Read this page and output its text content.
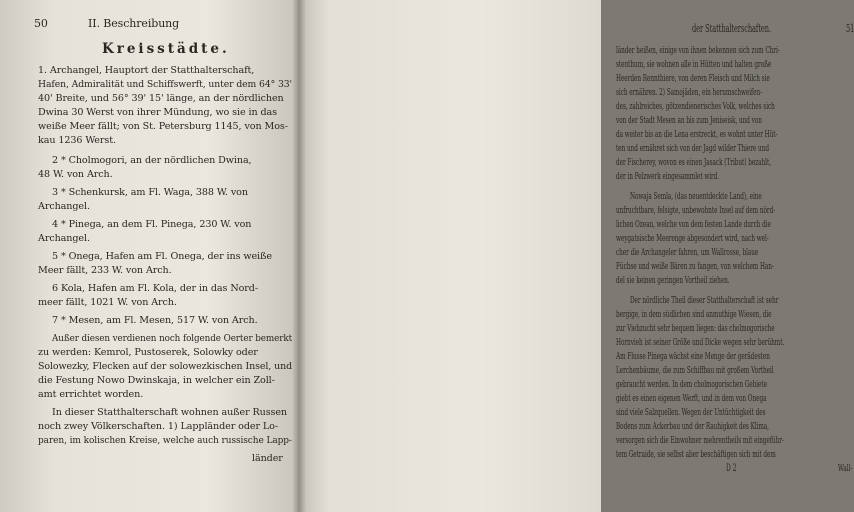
50	II. Beschreibung
Kreisstädte.
1. Archangel, Hauptort der Statthalterschaft,
Hafen, Admiralität und Schiffswerft, unter dem 64° 33'
40' Breite, und 56° 39' 15' länge, an der nördlichen
Dwina 30 Werst von ihrer Mündung, wo sie in das
weiße Meer fällt; von St. Petersburg 1145, von Mos-
kau 1236 Werst.
2 * Cholmogori, an der nördlichen Dwina,
48 W. von Arch.
3 * Schenkursk, am Fl. Waga, 388 W. von
Archangel.
4 * Pinega, an dem Fl. Pinega, 230 W. von
Archangel.
5 * Onega, Hafen am Fl. Onega, der ins weiße
Meer fällt, 233 W. von Arch.
6 Kola, Hafen am Fl. Kola, der in das Nord-
meer fällt, 1021 W. von Arch.
7 * Mesen, am Fl. Mesen, 517 W. von Arch.
Außer diesen verdienen noch folgende Oerter bemerkt
zu werden: Kemrol, Pustoserek, Solowky oder
Solowezky, Flecken auf der solowezkischen Insel, und
die Festung Nowo Dwinskaja, in welcher ein Zoll-
amt errichtet worden.
In dieser Statthalterschaft wohnen außer Russen
noch zwey Völkerschaften. 1) Lappländer oder Lo-
paren, im kolischen Kreise, welche auch russische Lapp-
länder
der Statthalterschaften.	51
länder heißen, einige von ihnen bekennen sich zum Chri-
stenthum, sie wohnen alle in Hütten und halten große
Heerden Rennthiere, von deren Fleisch und Milch sie
sich ernähren. 2) Samojäden, ein herumschweifen-
des, zahlreiches, götzendienerisches Volk, welches sich
von der Stadt Mesen an bis zum Jeniseisk, und von
da weiter bis an die Lena erstreckt, es wohnt unter Hüt-
ten und ernähret sich von der Jagd wilder Thiere und
der Fischerey, wovon es einen Jasack (Tribut) bezahlt,
der in Pelzwerk eingesammlet wird.
Nowaja Semla, (das neuentdeckte Land), eine
unfruchtbare, felsigte, unbewohnte Insel auf dem nörd-
lichen Ozean, welche von dem festen Lande durch die
weygatsische Meerenge abgesondert wird, nach wel-
cher die Archangeler fahren, um Wallrosse, blaue
Füchse und weiße Bären zu fangen, von welchem Han-
del sie keinen geringen Vortheil ziehen.
Der nördliche Theil dieser Statthalterschaft ist sehr
bergige, in dem südlichen sind anmuthige Wiesen, die
zur Viehzucht sehr bequem liegen: das cholmogorische
Hornvieh ist seiner Größe und Dicke wegen sehr berühmt.
Am Flusse Pinega wächst eine Menge der gerädesten
Lerchenbäume, die zum Schiffbau mit großem Vortheil
gebraucht werden. In dem cholmogorischen Gebiete
giebt es einen eigenen Werft, und in dem von Onega
sind viele Salzquellen. Wegen der Untüchtigkeit des
Bodens zum Ackerbau und der Rauhigkeit des Klima,
versorgen sich die Einwohner mehrentheils mit eingeführ-
tem Getraide, sie selbst aber beschäftigen sich mit dem
D 2	Wall-
